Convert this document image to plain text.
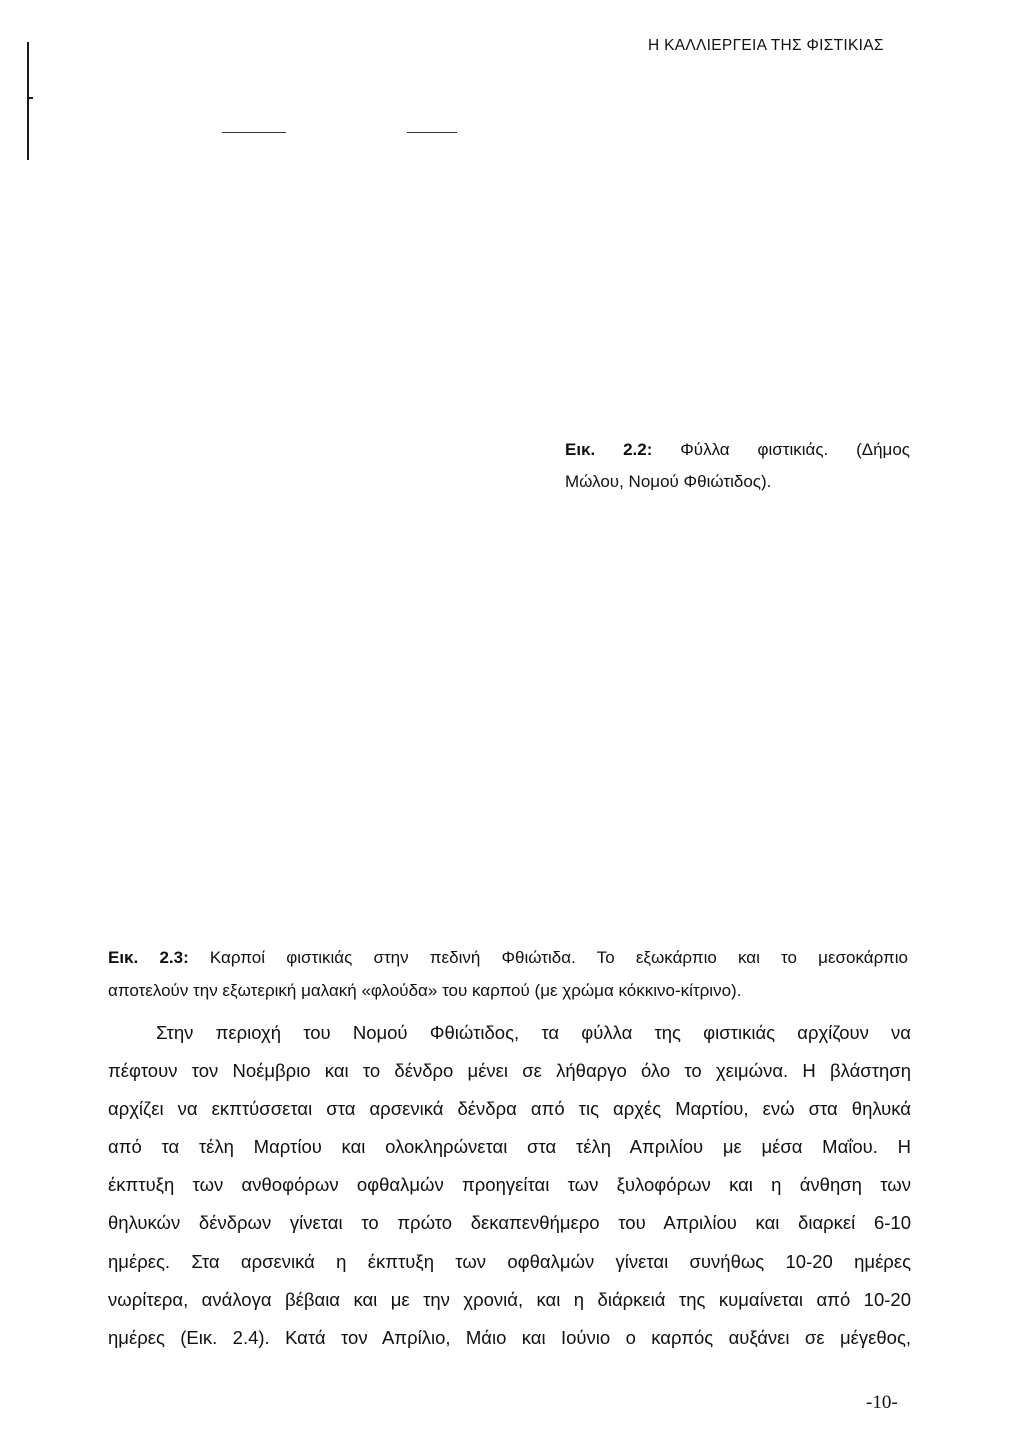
Η ΚΑΛΛΙΕΡΓΕΙΑ ΤΗΣ ΦΙΣΤΙΚΙΑΣ
Εικ. 2.2: Φύλλα φιστικιάς. (Δήμος
Μώλου, Νομού Φθιώτιδος).
Εικ. 2.3: Καρποί φιστικιάς στην πεδινή Φθιώτιδα. Το εξωκάρπιο και το μεσοκάρπιο
αποτελούν την εξωτερική μαλακή «φλούδα» του καρπού (με χρώμα κόκκινο-κίτρινο).
Στην περιοχή του Νομού Φθιώτιδος, τα φύλλα της φιστικιάς αρχίζουν να
πέφτουν τον Νοέμβριο και το δένδρο μένει σε λήθαργο όλο το χειμώνα. Η βλάστηση
αρχίζει να εκπτύσσεται στα αρσενικά δένδρα από τις αρχές Μαρτίου, ενώ στα θηλυκά
από τα τέλη Μαρτίου και ολοκληρώνεται στα τέλη Απριλίου με μέσα Μαΐου. Η
έκπτυξη των ανθοφόρων οφθαλμών προηγείται των ξυλοφόρων και η άνθηση των
θηλυκών δένδρων γίνεται το πρώτο δεκαπενθήμερο του Απριλίου και διαρκεί 6-10
ημέρες. Στα αρσενικά η έκπτυξη των οφθαλμών γίνεται συνήθως 10-20 ημέρες
νωρίτερα, ανάλογα βέβαια και με την χρονιά, και η διάρκειά της κυμαίνεται από 10-20
ημέρες (Εικ. 2.4). Κατά τον Απρίλιο, Μάιο και Ιούνιο ο καρπός αυξάνει σε μέγεθος,
-10-
